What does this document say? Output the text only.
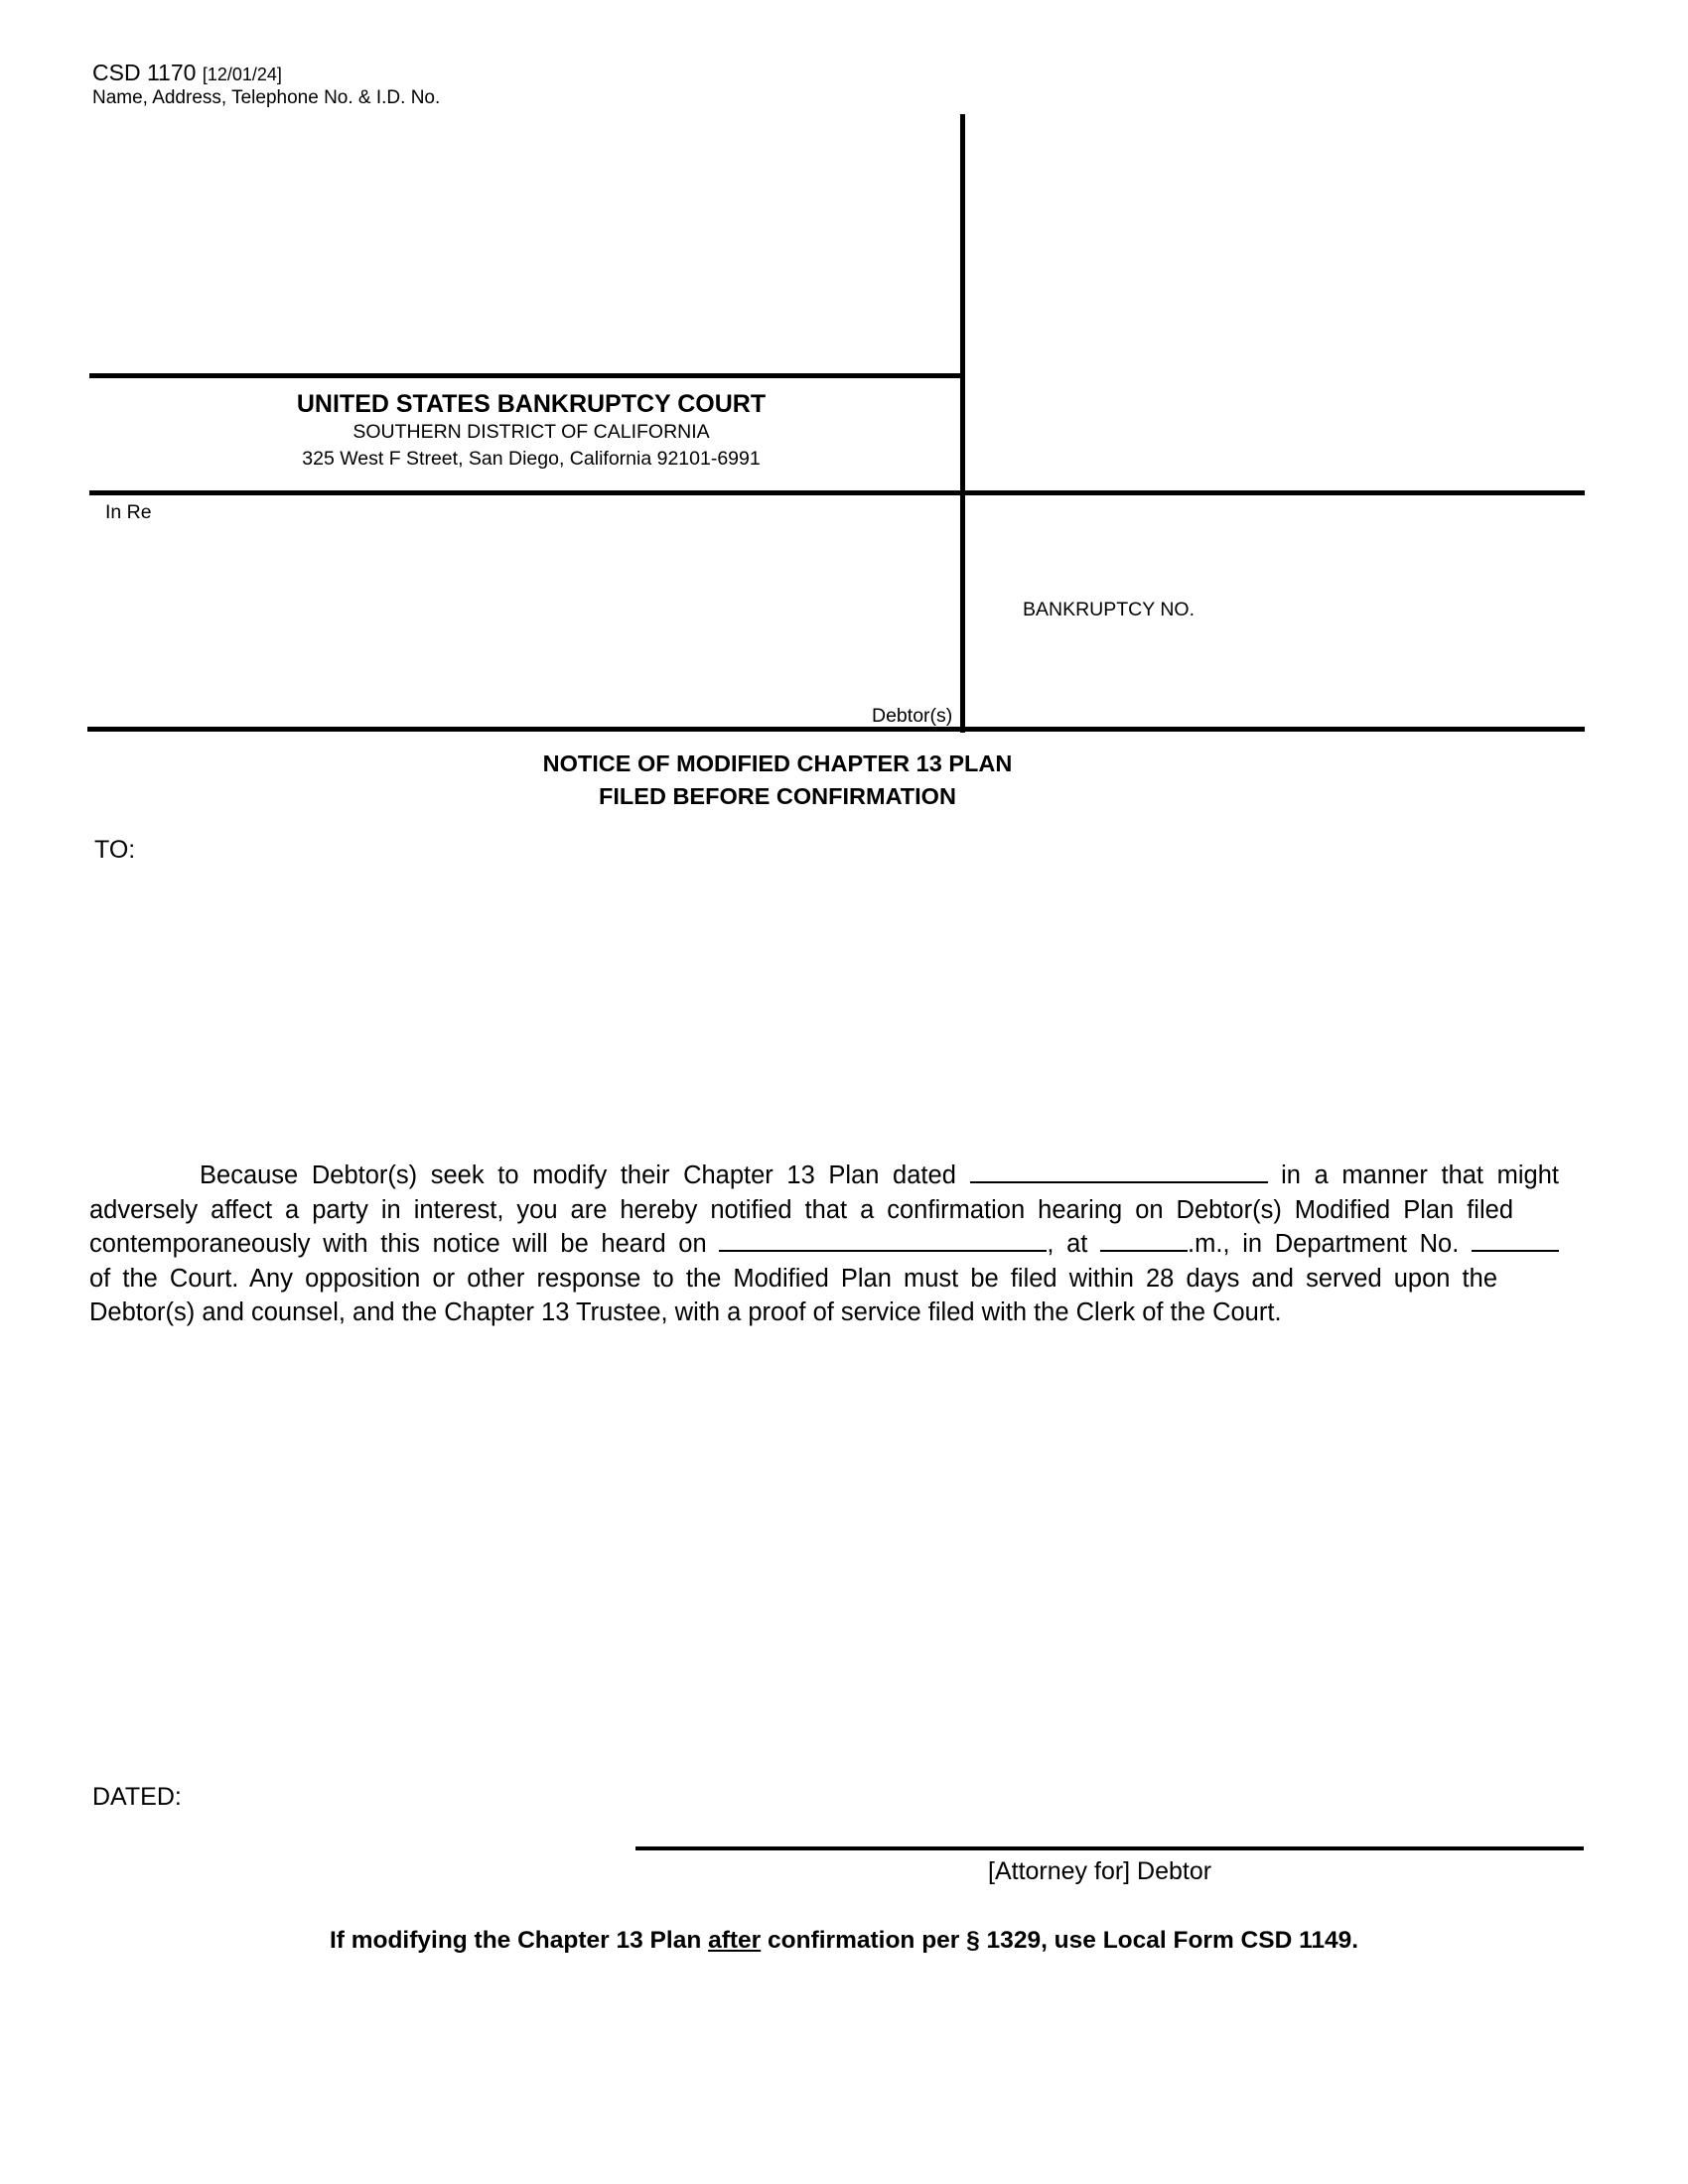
CSD 1170 [12/01/24]
Name, Address, Telephone No. & I.D. No.
UNITED STATES BANKRUPTCY COURT
SOUTHERN DISTRICT OF CALIFORNIA
325 West F Street, San Diego, California 92101-6991
In Re
BANKRUPTCY NO.
Debtor(s)
NOTICE OF MODIFIED CHAPTER 13 PLAN
FILED BEFORE CONFIRMATION
TO:
Because Debtor(s) seek to modify their Chapter 13 Plan dated	in a manner that might
adversely affect a party in interest, you are hereby notified that a confirmation hearing on Debtor(s) Modified Plan filed
contemporaneously with this notice will be heard on	, at	.m., in Department No.
of the Court. Any opposition or other response to the Modified Plan must be filed within 28 days and served upon the
Debtor(s) and counsel, and the Chapter 13 Trustee, with a proof of service filed with the Clerk of the Court.
DATED:
[Attorney for] Debtor
If modifying the Chapter 13 Plan after confirmation per § 1329, use Local Form CSD 1149.
